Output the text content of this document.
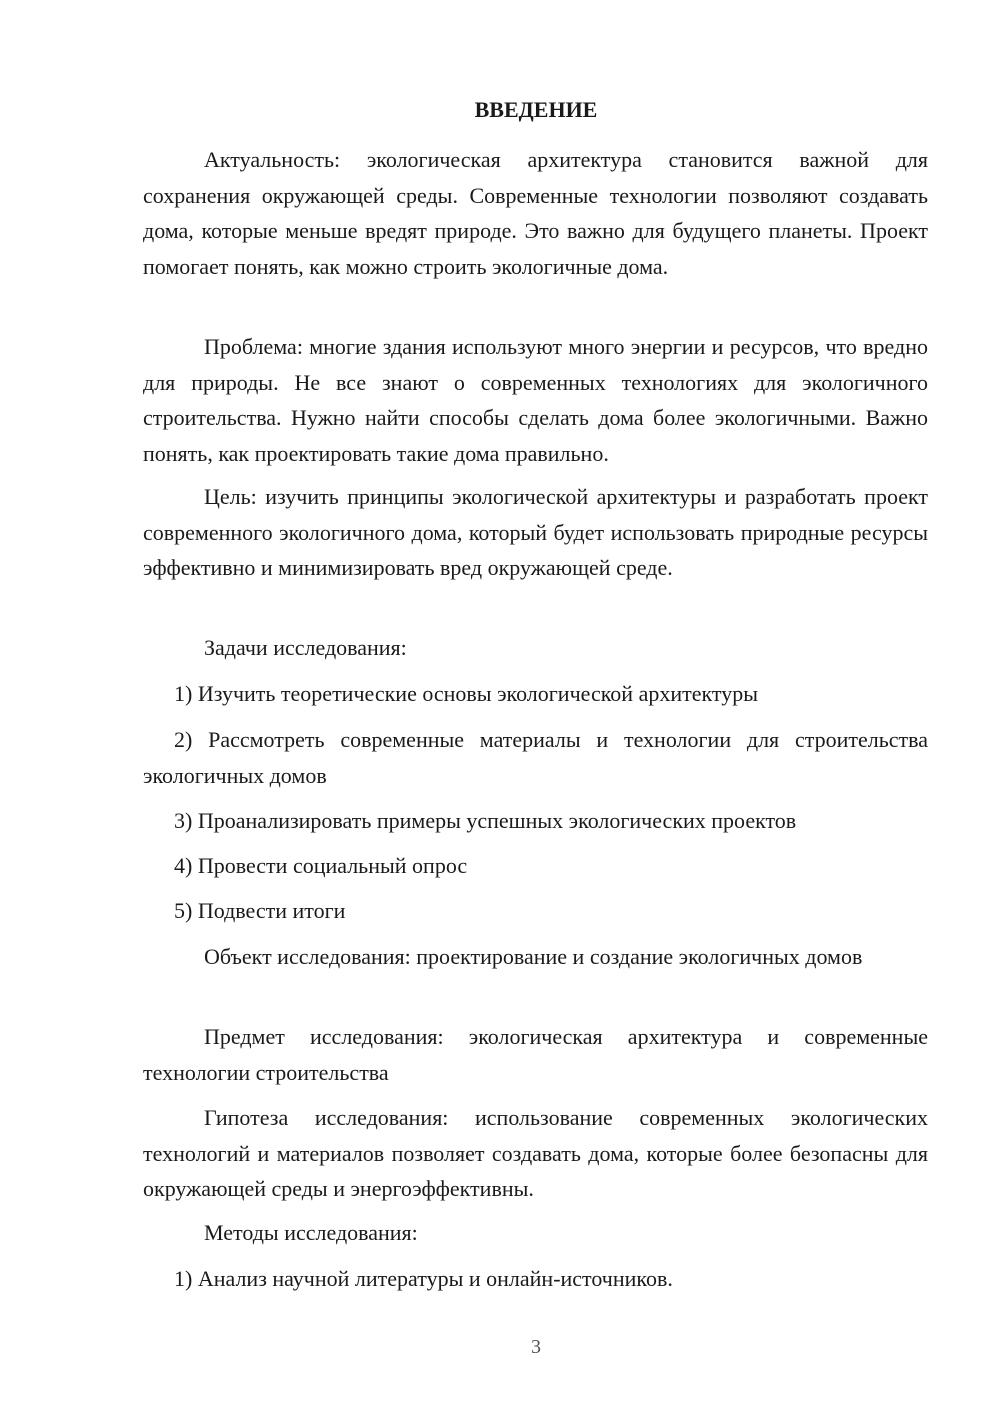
ВВЕДЕНИЕ

Актуальность: экологическая архитектура становится важной для сохранения окружающей среды. Современные технологии позволяют создавать дома, которые меньше вредят природе. Это важно для будущего планеты. Проект помогает понять, как можно строить экологичные дома.

Проблема: многие здания используют много энергии и ресурсов, что вредно для природы. Не все знают о современных технологиях для экологичного строительства. Нужно найти способы сделать дома более экологичными. Важно понять, как проектировать такие дома правильно.

Цель: изучить принципы экологической архитектуры и разработать проект современного экологичного дома, который будет использовать природные ресурсы эффективно и минимизировать вред окружающей среде.

Задачи исследования:

1) Изучить теоретические основы экологической архитектуры

2) Рассмотреть современные материалы и технологии для строительства экологичных домов

3) Проанализировать примеры успешных экологических проектов

4) Провести социальный опрос

5) Подвести итоги

Объект исследования: проектирование и создание экологичных домов

Предмет исследования: экологическая архитектура и современные технологии строительства

Гипотеза исследования: использование современных экологических технологий и материалов позволяет создавать дома, которые более безопасны для окружающей среды и энергоэффективны.

Методы исследования:

1) Анализ научной литературы и онлайн-источников.

3
